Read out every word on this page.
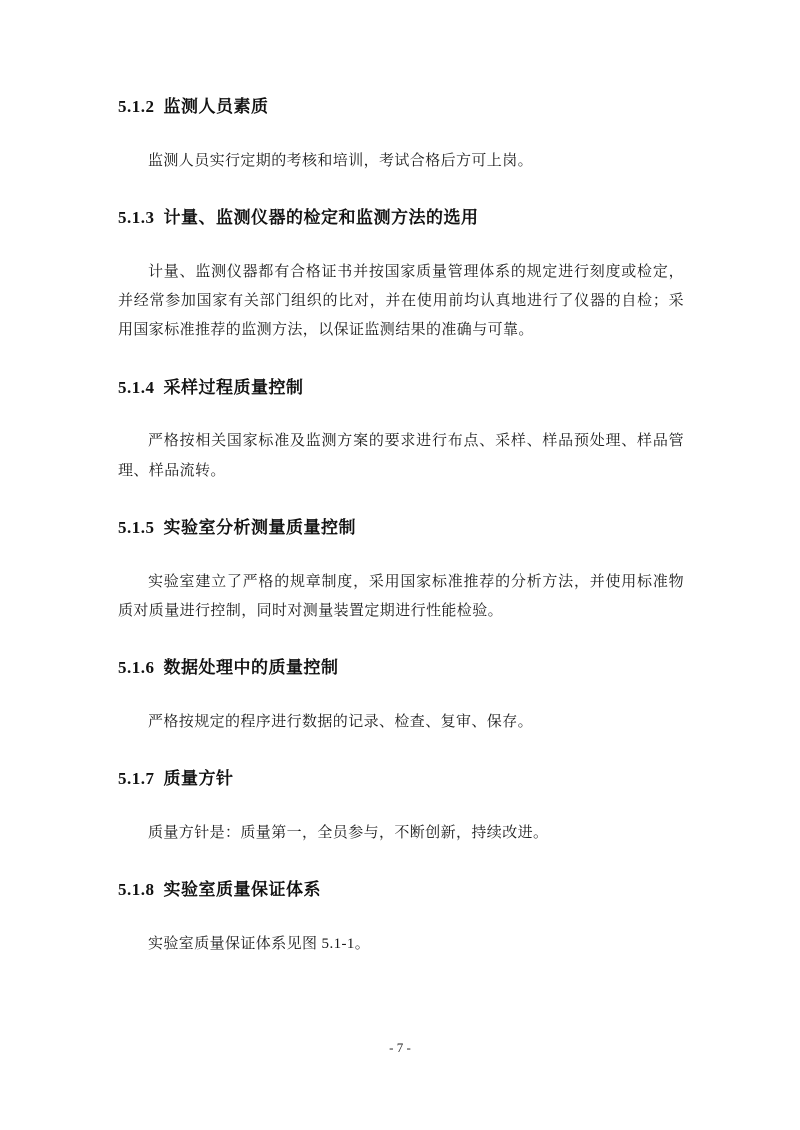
5.1.2 监测人员素质

监测人员实行定期的考核和培训，考试合格后方可上岗。

5.1.3 计量、监测仪器的检定和监测方法的选用

计量、监测仪器都有合格证书并按国家质量管理体系的规定进行刻度或检定，并经常参加国家有关部门组织的比对，并在使用前均认真地进行了仪器的自检；采用国家标准推荐的监测方法，以保证监测结果的准确与可靠。

5.1.4 采样过程质量控制

严格按相关国家标准及监测方案的要求进行布点、采样、样品预处理、样品管理、样品流转。

5.1.5 实验室分析测量质量控制

实验室建立了严格的规章制度，采用国家标准推荐的分析方法，并使用标准物质对质量进行控制，同时对测量装置定期进行性能检验。

5.1.6 数据处理中的质量控制

严格按规定的程序进行数据的记录、检查、复审、保存。

5.1.7 质量方针

质量方针是：质量第一，全员参与，不断创新，持续改进。

5.1.8 实验室质量保证体系

实验室质量保证体系见图 5.1-1。

- 7 -
